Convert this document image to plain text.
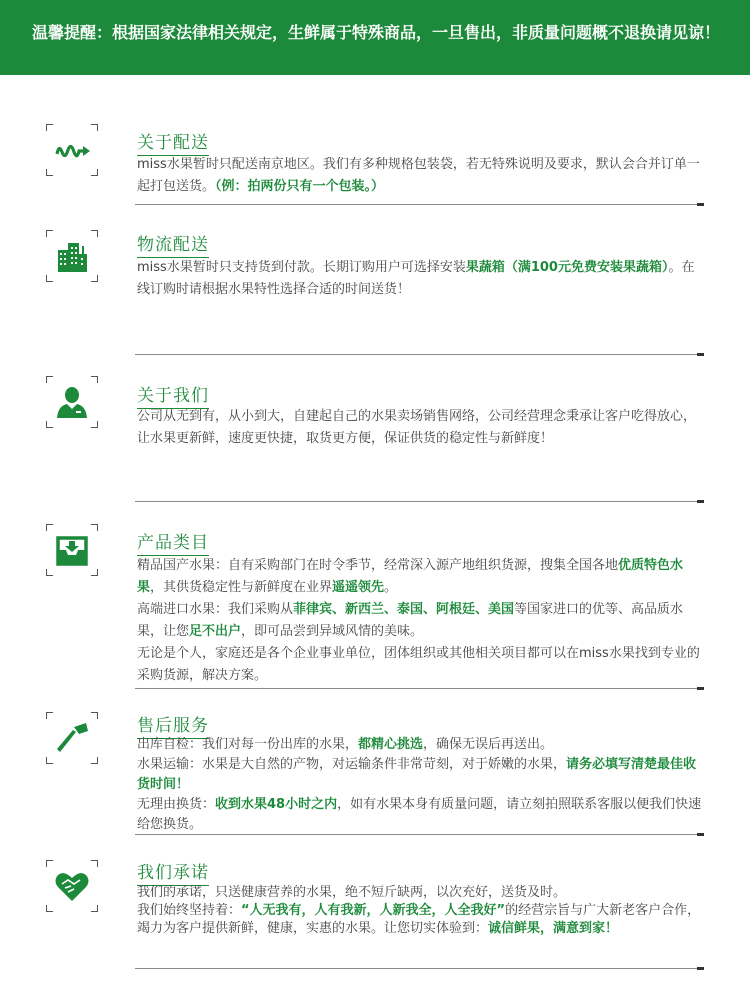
温馨提醒：根据国家法律相关规定，生鲜属于特殊商品，一旦售出，非质量问题概不退换请见谅！
关于配送

miss水果暂时只配送南京地区。我们有多种规格包装袋，若无特殊说明及要求，默认会合并订单一起打包送货。（例：拍两份只有一个包装。）

物流配送

miss水果暂时只支持货到付款。长期订购用户可选择安装果蔬箱（满100元免费安装果蔬箱）。在线订购时请根据水果特性选择合适的时间送货！

关于我们

公司从无到有，从小到大，自建起自己的水果卖场销售网络，公司经营理念秉承让客户吃得放心，让水果更新鲜，速度更快捷，取货更方便，保证供货的稳定性与新鲜度！

产品类目

精品国产水果：自有采购部门在时令季节，经常深入源产地组织货源，搜集全国各地优质特色水果，其供货稳定性与新鲜度在业界遥遥领先。

高端进口水果：我们采购从菲律宾、新西兰、泰国、阿根廷、美国等国家进口的优等、高品质水果，让您足不出户，即可品尝到异域风情的美味。

无论是个人，家庭还是各个企业事业单位，团体组织或其他相关项目都可以在miss水果找到专业的采购货源，解决方案。

售后服务

出库自检：我们对每一份出库的水果，都精心挑选，确保无误后再送出。

水果运输：水果是大自然的产物，对运输条件非常苛刻，对于娇嫩的水果，请务必填写清楚最佳收货时间！

无理由换货：收到水果48小时之内，如有水果本身有质量问题，请立刻拍照联系客服以便我们快速给您换货。

我们承诺

我们的承诺，只送健康营养的水果，绝不短斤缺两，以次充好，送货及时。

我们始终坚持着：“人无我有，人有我新，人新我全，人全我好”的经营宗旨与广大新老客户合作，竭力为客户提供新鲜，健康，实惠的水果。让您切实体验到：诚信鲜果，满意到家！
